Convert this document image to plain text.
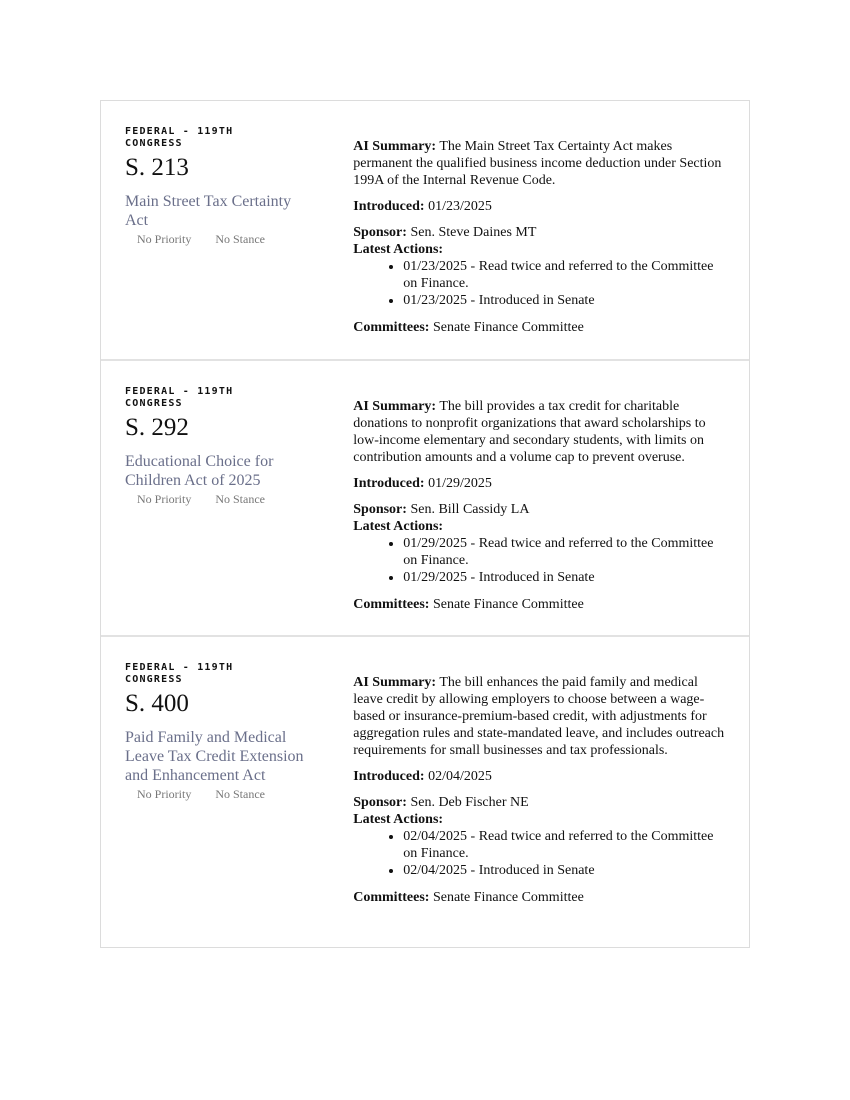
FEDERAL - 119TH CONGRESS
S. 213
Main Street Tax Certainty Act
No Priority No Stance

AI Summary: The Main Street Tax Certainty Act makes permanent the qualified business income deduction under Section 199A of the Internal Revenue Code.

Introduced: 01/23/2025

Sponsor: Sen. Steve Daines MT

Latest Actions:

• 01/23/2025 - Read twice and referred to the Committee on Finance.
• 01/23/2025 - Introduced in Senate

Committees: Senate Finance Committee

FEDERAL - 119TH CONGRESS
S. 292
Educational Choice for Children Act of 2025
No Priority No Stance

AI Summary: The bill provides a tax credit for charitable donations to nonprofit organizations that award scholarships to low-income elementary and secondary students, with limits on contribution amounts and a volume cap to prevent overuse.

Introduced: 01/29/2025

Sponsor: Sen. Bill Cassidy LA

Latest Actions:

• 01/29/2025 - Read twice and referred to the Committee on Finance.
• 01/29/2025 - Introduced in Senate

Committees: Senate Finance Committee

FEDERAL - 119TH CONGRESS
S. 400
Paid Family and Medical Leave Tax Credit Extension and Enhancement Act
No Priority No Stance

AI Summary: The bill enhances the paid family and medical leave credit by allowing employers to choose between a wage-based or insurance-premium-based credit, with adjustments for aggregation rules and state-mandated leave, and includes outreach requirements for small businesses and tax professionals.

Introduced: 02/04/2025

Sponsor: Sen. Deb Fischer NE

Latest Actions:

• 02/04/2025 - Read twice and referred to the Committee on Finance.
• 02/04/2025 - Introduced in Senate

Committees: Senate Finance Committee
